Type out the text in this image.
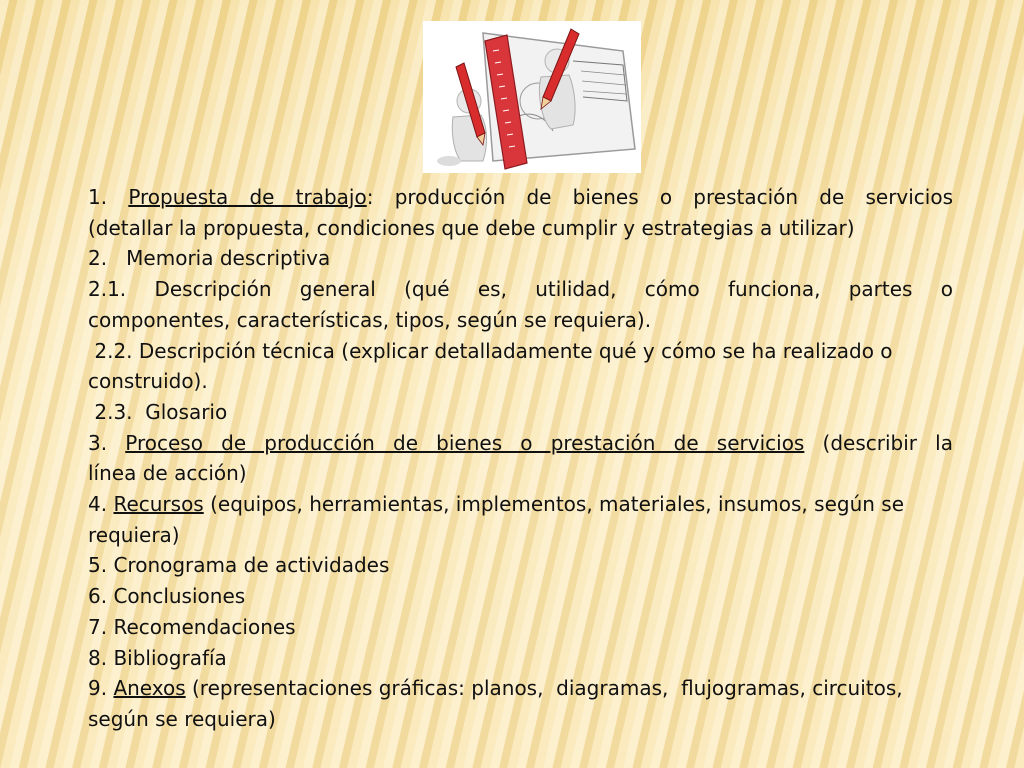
1. Propuesta de trabajo: producción de bienes o prestación de servicios
(detallar la propuesta, condiciones que debe cumplir y estrategias a utilizar)
2. Memoria descriptiva
2.1. Descripción general (qué es, utilidad, cómo funciona, partes o
componentes, características, tipos, según se requiera).
2.2. Descripción técnica (explicar detalladamente qué y cómo se ha realizado o
construido).
2.3.  Glosario
3. Proceso de producción de bienes o prestación de servicios (describir la
línea de acción)
4. Recursos (equipos, herramientas, implementos, materiales, insumos, según se
requiera)
5. Cronograma de actividades
6. Conclusiones
7. Recomendaciones
8. Bibliografía
9. Anexos (representaciones gráficas: planos,  diagramas,  flujogramas, circuitos,
según se requiera)
